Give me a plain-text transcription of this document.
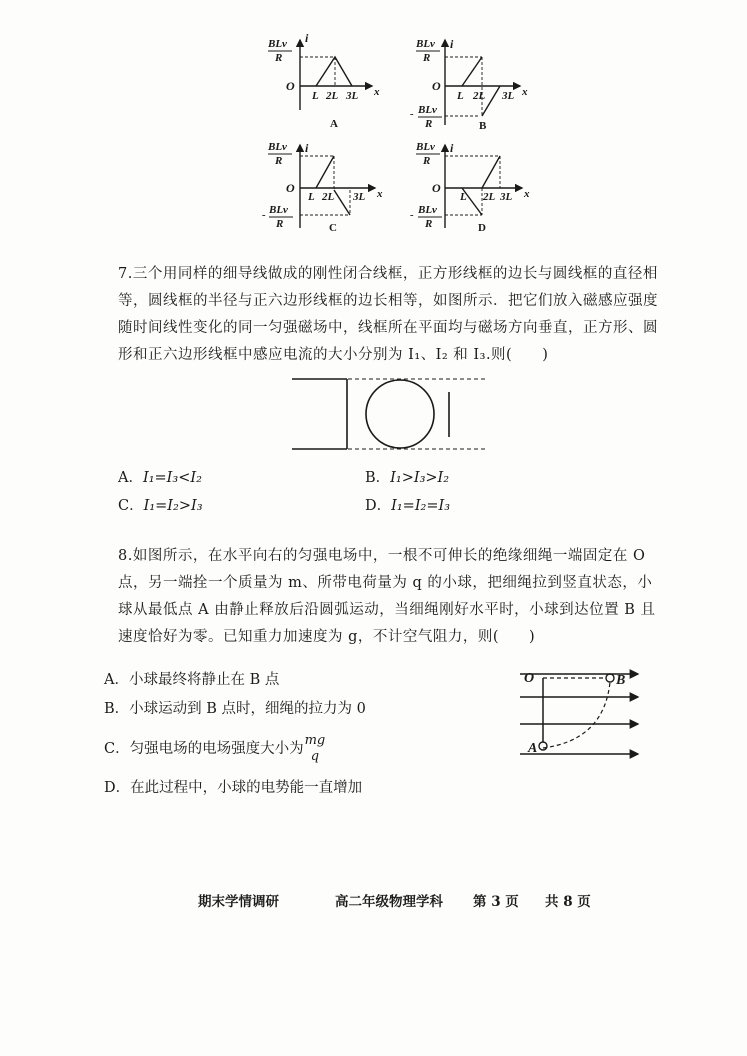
BLv
R
i
O
L 2L 3L x
A
BLv
R
i
O
L 2L 3L x
- BLv
R	B
BLv
R
i
O
L 2L 3L x
- BLv
R	C
BLv
R
i
O
L 2L 3L x
- BLv
R	D
7.三个用同样的细导线做成的刚性闭合线框，正方形线框的边长与圆线框的直径相等，圆线框的半径与正六边形线框的边长相等，如图所示．把它们放入磁感应强度随时间线性变化的同一匀强磁场中，线框所在平面均与磁场方向垂直，正方形、圆形和正六边形线框中感应电流的大小分别为 I₁、I₂ 和 I₃.则(　　)
A．I₁=I₃<I₂	B．I₁>I₃>I₂
C．I₁=I₂>I₃	D．I₁=I₂=I₃
8.如图所示，在水平向右的匀强电场中，一根不可伸长的绝缘细绳一端固定在 O 点，另一端拴一个质量为 m、所带电荷量为 q 的小球，把细绳拉到竖直状态，小球从最低点 A 由静止释放后沿圆弧运动，当细绳刚好水平时，小球到达位置 B 且速度恰好为零。已知重力加速度为 g，不计空气阻力，则(　　)
A．小球最终将静止在 B 点
B．小球运动到 B 点时，细绳的拉力为 0
C．匀强电场的电场强度大小为
mg
q
D．在此过程中，小球的电势能一直增加
O	B
A
期末学情调研	高二年级物理学科 第 3 页 共 8 页
